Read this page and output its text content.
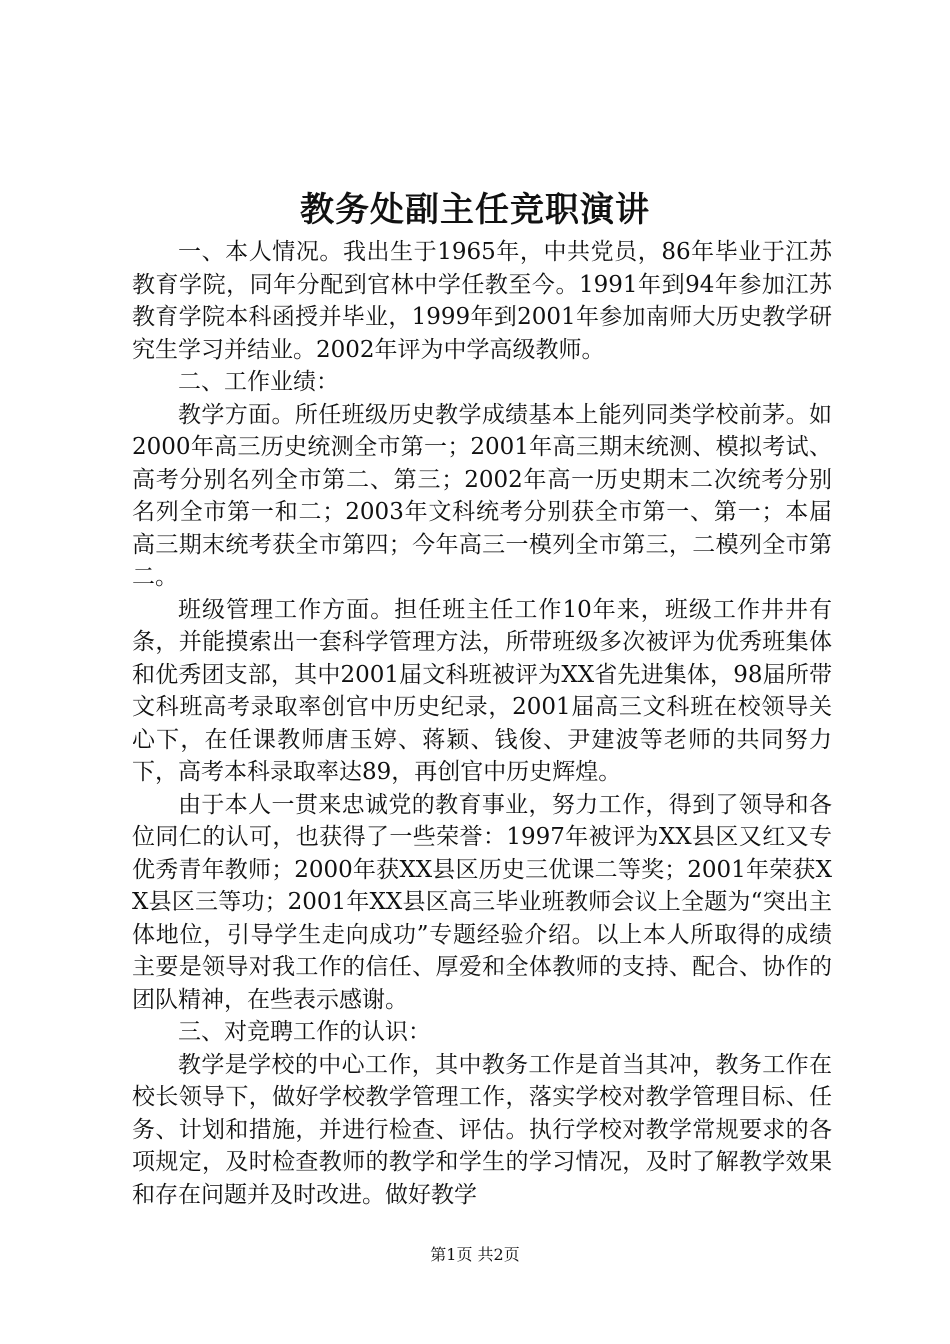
教务处副主任竞职演讲

一、本人情况。我出生于1965年，中共党员，86年毕业于江苏教育学院，同年分配到官林中学任教至今。1991年到94年参加江苏教育学院本科函授并毕业，1999年到2001年参加南师大历史教学研究生学习并结业。2002年评为中学高级教师。

二、工作业绩：

教学方面。所任班级历史教学成绩基本上能列同类学校前茅。如2000年高三历史统测全市第一；2001年高三期末统测、模拟考试、高考分别名列全市第二、第三；2002年高一历史期末二次统考分别名列全市第一和二；2003年文科统考分别获全市第一、第一；本届高三期末统考获全市第四；今年高三一模列全市第三，二模列全市第二。

班级管理工作方面。担任班主任工作10年来，班级工作井井有条，并能摸索出一套科学管理方法，所带班级多次被评为优秀班集体和优秀团支部，其中2001届文科班被评为XX省先进集体，98届所带文科班高考录取率创官中历史纪录，2001届高三文科班在校领导关心下，在任课教师唐玉婷、蒋颖、钱俊、尹建波等老师的共同努力下，高考本科录取率达89，再创官中历史辉煌。

由于本人一贯来忠诚党的教育事业，努力工作，得到了领导和各位同仁的认可，也获得了一些荣誉：1997年被评为XX县区又红又专优秀青年教师；2000年获XX县区历史三优课二等奖；2001年荣获XX县区三等功；2001年XX县区高三毕业班教师会议上全题为“突出主体地位，引导学生走向成功”专题经验介绍。以上本人所取得的成绩主要是领导对我工作的信任、厚爱和全体教师的支持、配合、协作的团队精神，在些表示感谢。

三、对竞聘工作的认识：

教学是学校的中心工作，其中教务工作是首当其冲，教务工作在校长领导下，做好学校教学管理工作，落实学校对教学管理目标、任务、计划和措施，并进行检查、评估。执行学校对教学常规要求的各项规定，及时检查教师的教学和学生的学习情况，及时了解教学效果和存在问题并及时改进。做好教学

第1页 共2页
